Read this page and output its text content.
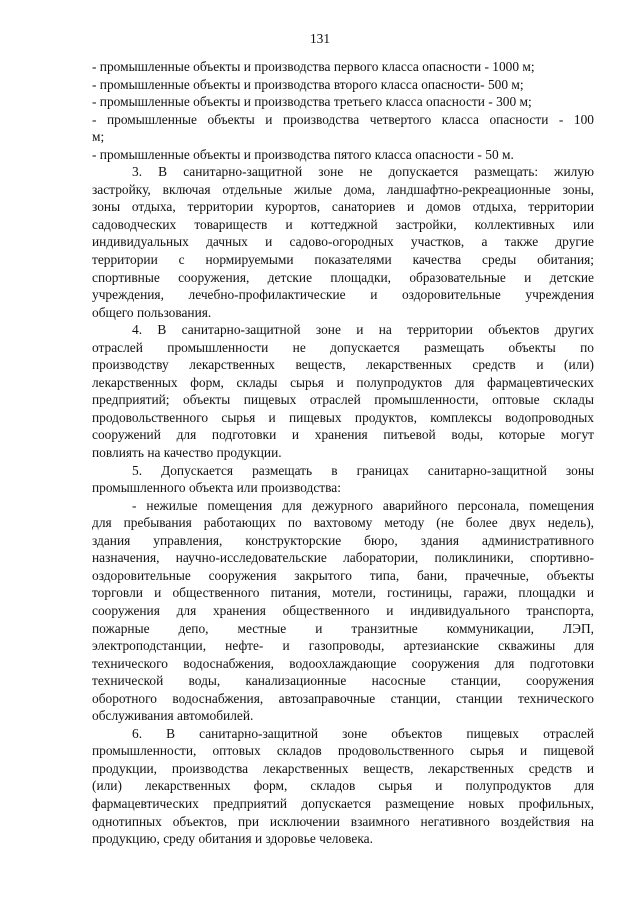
131
- промышленные объекты и производства первого класса опасности - 1000 м;
- промышленные объекты и производства второго класса опасности- 500 м;
- промышленные объекты и производства третьего класса опасности - 300 м;
- промышленные объекты и производства четвертого класса опасности - 100
м;
- промышленные объекты и производства пятого класса опасности - 50 м.
3. В санитарно-защитной зоне не допускается размещать: жилую
застройку, включая отдельные жилые дома, ландшафтно-рекреационные зоны,
зоны отдыха, территории курортов, санаториев и домов отдыха, территории
садоводческих товариществ и коттеджной застройки, коллективных или
индивидуальных дачных и садово-огородных участков, а также другие
территории с нормируемыми показателями качества среды обитания;
спортивные сооружения, детские площадки, образовательные и детские
учреждения, лечебно-профилактические и оздоровительные учреждения
общего пользования.
4. В санитарно-защитной зоне и на территории объектов других
отраслей промышленности не допускается размещать объекты по
производству лекарственных веществ, лекарственных средств и (или)
лекарственных форм, склады сырья и полупродуктов для фармацевтических
предприятий; объекты пищевых отраслей промышленности, оптовые склады
продовольственного сырья и пищевых продуктов, комплексы водопроводных
сооружений для подготовки и хранения питьевой воды, которые могут
повлиять на качество продукции.
5. Допускается размещать в границах санитарно-защитной зоны
промышленного объекта или производства:
- нежилые помещения для дежурного аварийного персонала, помещения
для пребывания работающих по вахтовому методу (не более двух недель),
здания управления, конструкторские бюро, здания административного
назначения, научно-исследовательские лаборатории, поликлиники, спортивно-
оздоровительные сооружения закрытого типа, бани, прачечные, объекты
торговли и общественного питания, мотели, гостиницы, гаражи, площадки и
сооружения для хранения общественного и индивидуального транспорта,
пожарные депо, местные и транзитные коммуникации, ЛЭП,
электроподстанции, нефте- и газопроводы, артезианские скважины для
технического водоснабжения, водоохлаждающие сооружения для подготовки
технической воды, канализационные насосные станции, сооружения
оборотного водоснабжения, автозаправочные станции, станции технического
обслуживания автомобилей.
6. В санитарно-защитной зоне объектов пищевых отраслей
промышленности, оптовых складов продовольственного сырья и пищевой
продукции, производства лекарственных веществ, лекарственных средств и
(или) лекарственных форм, складов сырья и полупродуктов для
фармацевтических предприятий допускается размещение новых профильных,
однотипных объектов, при исключении взаимного негативного воздействия на
продукцию, среду обитания и здоровье человека.
